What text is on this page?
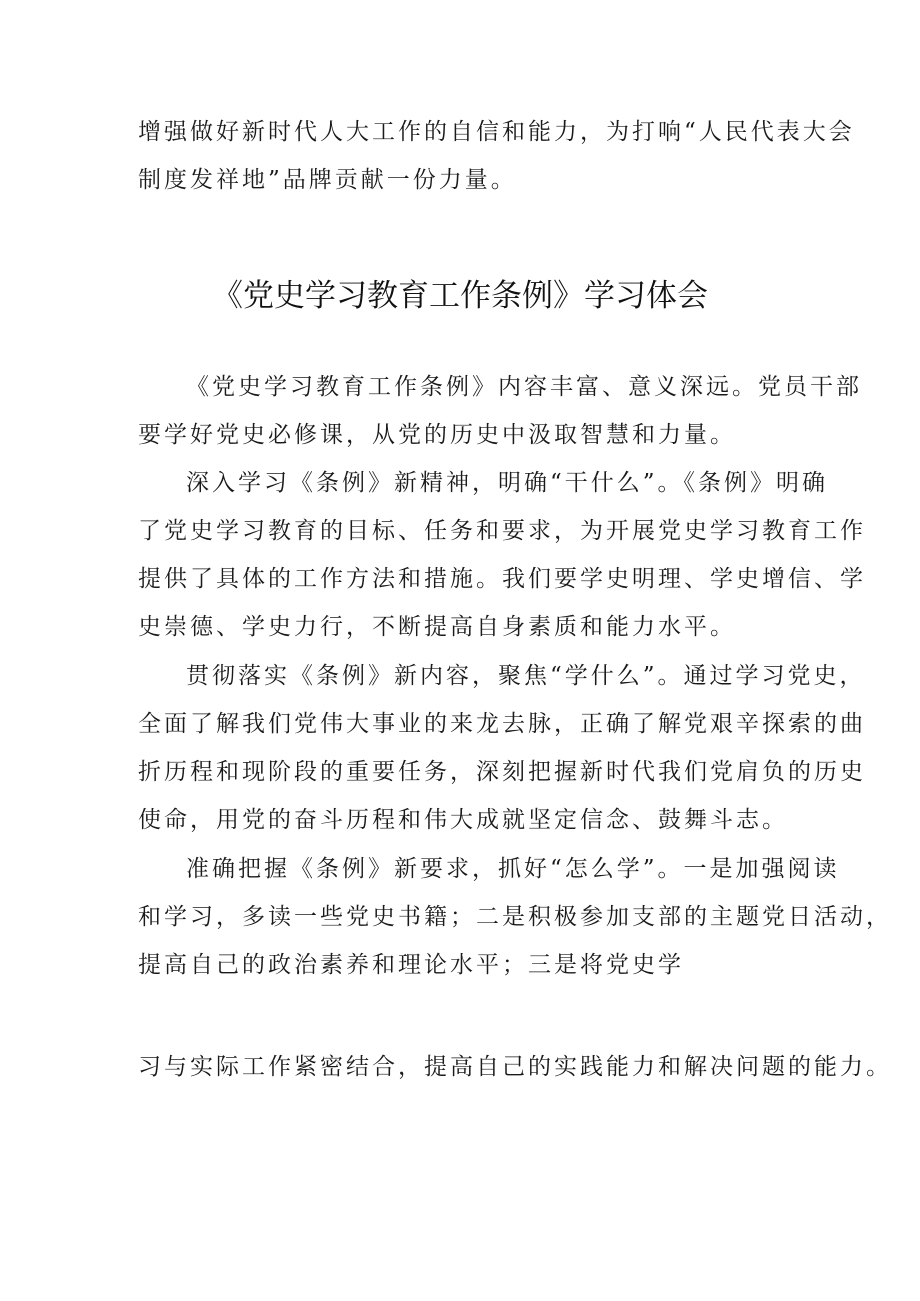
增强做好新时代人大工作的自信和能力，为打响“人民代表大会
制度发祥地”品牌贡献一份力量。
《党史学习教育工作条例》学习体会
《党史学习教育工作条例》内容丰富、意义深远。党员干部
要学好党史必修课，从党的历史中汲取智慧和力量。
深入学习《条例》新精神，明确“干什么”。《条例》明确
了党史学习教育的目标、任务和要求，为开展党史学习教育工作
提供了具体的工作方法和措施。我们要学史明理、学史增信、学
史崇德、学史力行，不断提高自身素质和能力水平。
贯彻落实《条例》新内容，聚焦“学什么”。通过学习党史，
全面了解我们党伟大事业的来龙去脉，正确了解党艰辛探索的曲
折历程和现阶段的重要任务，深刻把握新时代我们党肩负的历史
使命，用党的奋斗历程和伟大成就坚定信念、鼓舞斗志。
准确把握《条例》新要求，抓好“怎么学”。一是加强阅读
和学习，多读一些党史书籍；二是积极参加支部的主题党日活动，
提高自己的政治素养和理论水平；三是将党史学
习与实际工作紧密结合，提高自己的实践能力和解决问题的能力。
